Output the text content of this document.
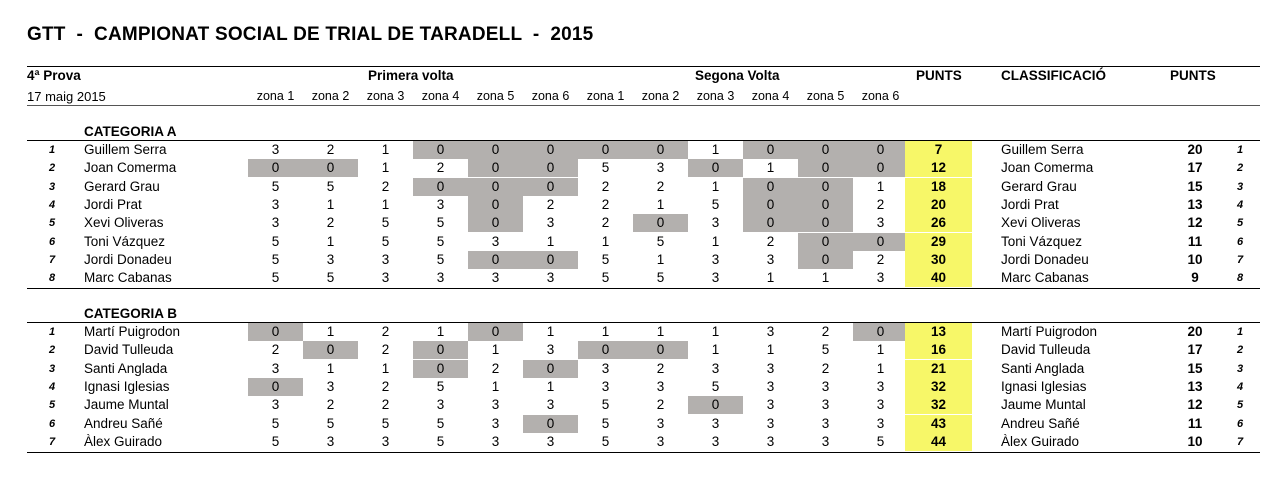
GTT  -  CAMPIONAT SOCIAL DE TRIAL DE TARADELL  -  2015
4ª Prova
17 maig 2015
Primera volta	Segona Volta	PUNTS	CLASSIFICACIÓ	PUNTS
zona 1	zona 2	zona 3	zona 4	zona 5	zona 6	zona 1	zona 2	zona 3	zona 4	zona 5	zona 6
CATEGORIA A
1	Guillem Serra	3	2	1	0	0	0	0	0	1	0	0	0	7	Guillem Serra	20	1
2	Joan Comerma	0	0	1	2	0	0	5	3	0	1	0	0	12	Joan Comerma	17	2
3	Gerard Grau	5	5	2	0	0	0	2	2	1	0	0	1	18	Gerard Grau	15	3
4	Jordi Prat	3	1	1	3	0	2	2	1	5	0	0	2	20	Jordi Prat	13	4
5	Xevi Oliveras	3	2	5	5	0	3	2	0	3	0	0	3	26	Xevi Oliveras	12	5
6	Toni Vázquez	5	1	5	5	3	1	1	5	1	2	0	0	29	Toni Vázquez	11	6
7	Jordi Donadeu	5	3	3	5	0	0	5	1	3	3	0	2	30	Jordi Donadeu	10	7
8	Marc Cabanas	5	5	3	3	3	3	5	5	3	1	1	3	40	Marc Cabanas	9	8
CATEGORIA B
1	Martí Puigrodon	0	1	2	1	0	1	1	1	1	3	2	0	13	Martí Puigrodon	20	1
2	David Tulleuda	2	0	2	0	1	3	0	0	1	1	5	1	16	David Tulleuda	17	2
3	Santi Anglada	3	1	1	0	2	0	3	2	3	3	2	1	21	Santi Anglada	15	3
4	Ignasi Iglesias	0	3	2	5	1	1	3	3	5	3	3	3	32	Ignasi Iglesias	13	4
5	Jaume Muntal	3	2	2	3	3	3	5	2	0	3	3	3	32	Jaume Muntal	12	5
6	Andreu Sañé	5	5	5	5	3	0	5	3	3	3	3	3	43	Andreu Sañé	11	6
7	Àlex Guirado	5	3	3	5	3	3	5	3	3	3	3	5	44	Àlex Guirado	10	7
